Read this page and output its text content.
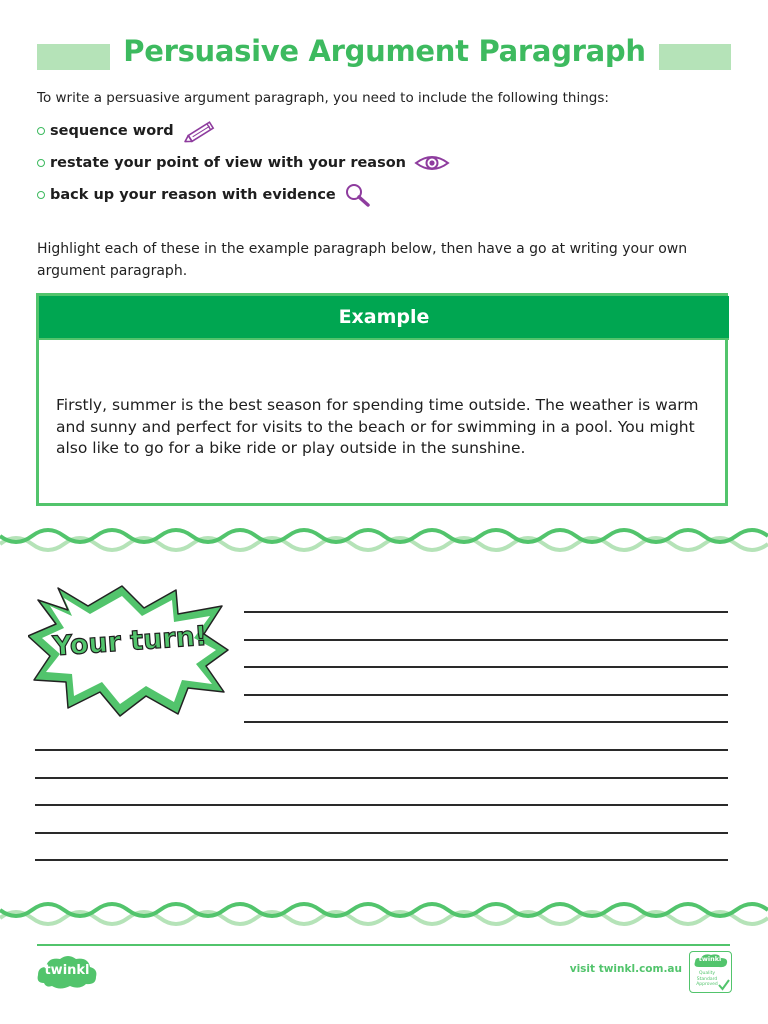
Persuasive Argument Paragraph
To write a persuasive argument paragraph, you need to include the following things:
sequence word
restate your point of view with your reason
back up your reason with evidence
Highlight each of these in the example paragraph below, then have a go at writing your own argument paragraph.
Example
Firstly, summer is the best season for spending time outside. The weather is warm and sunny and perfect for visits to the beach or for swimming in a pool. You might also like to go for a bike ride or play outside in the sunshine.
Your turn!
twinkl	visit twinkl.com.au
twinkl
Quality Standard Approved
